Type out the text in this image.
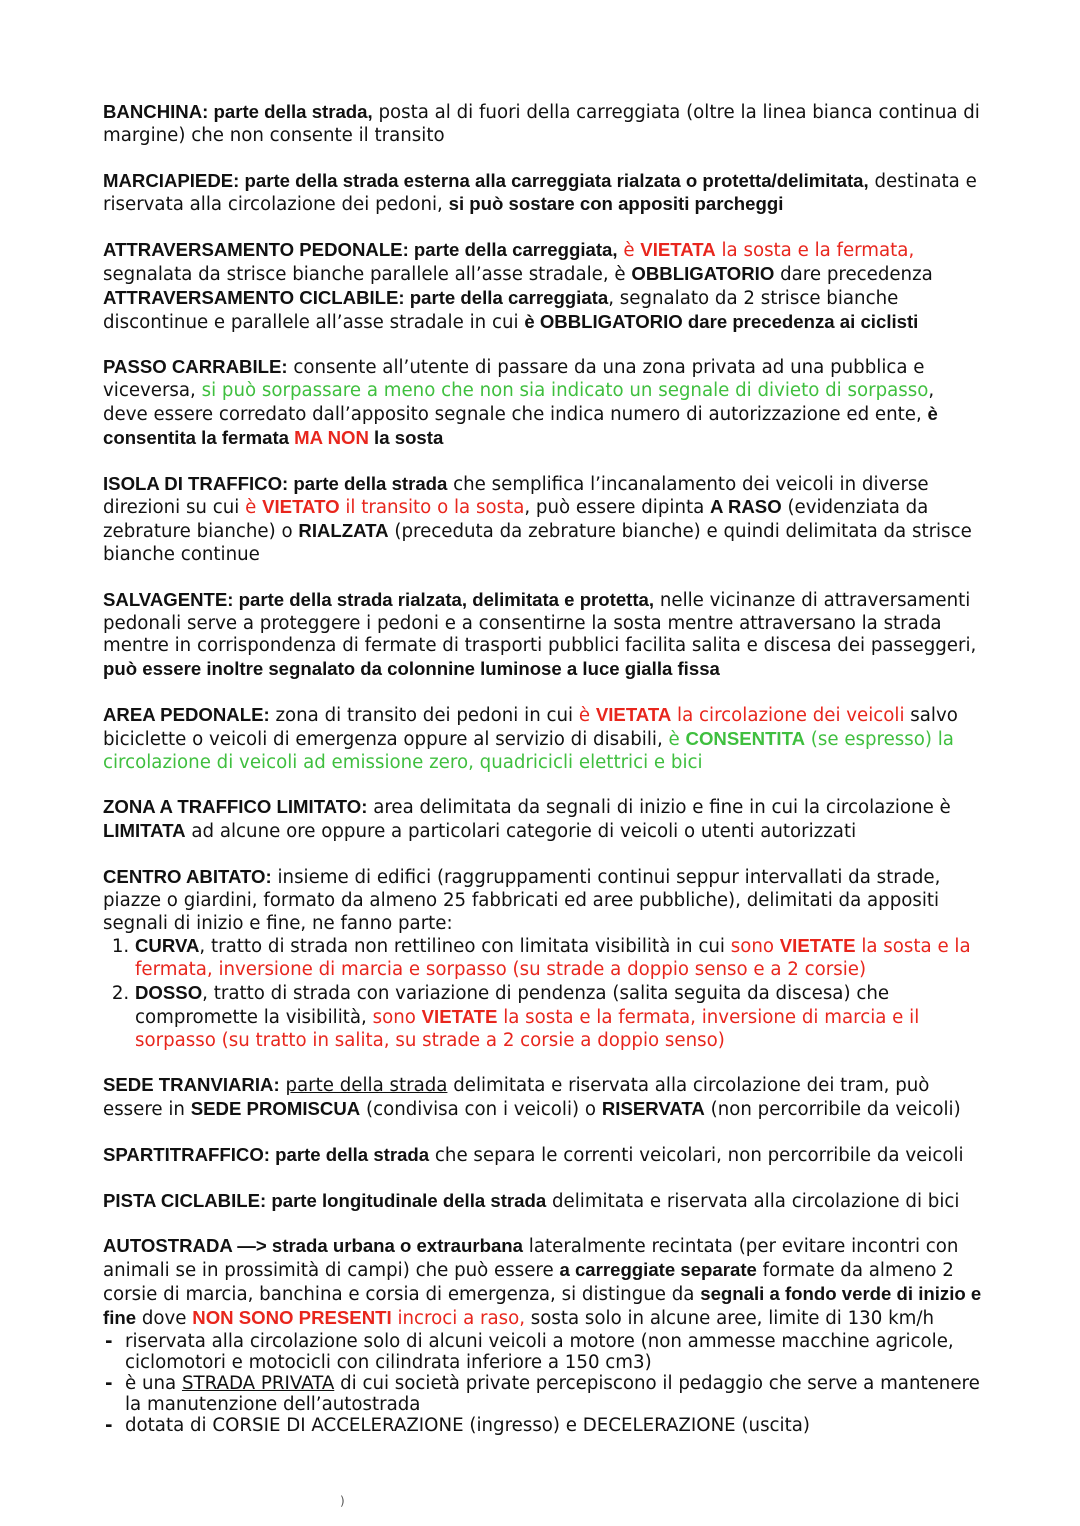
BANCHINA: parte della strada, posta al di fuori della carreggiata (oltre la linea bianca continua di margine) che non consente il transito

MARCIAPIEDE: parte della strada esterna alla carreggiata rialzata o protetta/delimitata, destinata e riservata alla circolazione dei pedoni, si può sostare con appositi parcheggi

ATTRAVERSAMENTO PEDONALE: parte della carreggiata, è VIETATA la sosta e la fermata, segnalata da strisce bianche parallele all’asse stradale, è OBBLIGATORIO dare precedenza

ATTRAVERSAMENTO CICLABILE: parte della carreggiata, segnalato da 2 strisce bianche discontinue e parallele all’asse stradale in cui è OBBLIGATORIO dare precedenza ai ciclisti

PASSO CARRABILE: consente all’utente di passare da una zona privata ad una pubblica e viceversa, si può sorpassare a meno che non sia indicato un segnale di divieto di sorpasso, deve essere corredato dall’apposito segnale che indica numero di autorizzazione ed ente, è consentita la fermata MA NON la sosta

ISOLA DI TRAFFICO: parte della strada che semplifica l’incanalamento dei veicoli in diverse direzioni su cui è VIETATO il transito o la sosta, può essere dipinta A RASO (evidenziata da zebrature bianche) o RIALZATA (preceduta da zebrature bianche) e quindi delimitata da strisce bianche continue

SALVAGENTE: parte della strada rialzata, delimitata e protetta, nelle vicinanze di attraversamenti pedonali serve a proteggere i pedoni e a consentirne la sosta mentre attraversano la strada mentre in corrispondenza di fermate di trasporti pubblici facilita salita e discesa dei passeggeri, può essere inoltre segnalato da colonnine luminose a luce gialla fissa

AREA PEDONALE: zona di transito dei pedoni in cui è VIETATA la circolazione dei veicoli salvo biciclette o veicoli di emergenza oppure al servizio di disabili, è CONSENTITA (se espresso) la circolazione di veicoli ad emissione zero, quadricicli elettrici e bici

ZONA A TRAFFICO LIMITATO: area delimitata da segnali di inizio e fine in cui la circolazione è LIMITATA ad alcune ore oppure a particolari categorie di veicoli o utenti autorizzati

CENTRO ABITATO: insieme di edifici (raggruppamenti continui seppur intervallati da strade, piazze o giardini, formato da almeno 25 fabbricati ed aree pubbliche), delimitati da appositi segnali di inizio e fine, ne fanno parte:
1. CURVA, tratto di strada non rettilineo con limitata visibilità in cui sono VIETATE la sosta e la fermata, inversione di marcia e sorpasso (su strade a doppio senso e a 2 corsie)
2. DOSSO, tratto di strada con variazione di pendenza (salita seguita da discesa) che compromette la visibilità, sono VIETATE la sosta e la fermata, inversione di marcia e il sorpasso (su tratto in salita, su strade a 2 corsie a doppio senso)

SEDE TRANVIARIA: parte della strada delimitata e riservata alla circolazione dei tram, può essere in SEDE PROMISCUA (condivisa con i veicoli) o RISERVATA (non percorribile da veicoli)

SPARTITRAFFICO: parte della strada che separa le correnti veicolari, non percorribile da veicoli

PISTA CICLABILE: parte longitudinale della strada delimitata e riservata alla circolazione di bici

AUTOSTRADA —> strada urbana o extraurbana lateralmente recintata (per evitare incontri con animali se in prossimità di campi) che può essere a carreggiate separate formate da almeno 2 corsie di marcia, banchina e corsia di emergenza, si distingue da segnali a fondo verde di inizio e fine dove NON SONO PRESENTI incroci a raso, sosta solo in alcune aree, limite di 130 km/h
- riservata alla circolazione solo di alcuni veicoli a motore (non ammesse macchine agricole, ciclomotori e motocicli con cilindrata inferiore a 150 cm3)
- è una STRADA PRIVATA di cui società private percepiscono il pedaggio che serve a mantenere la manutenzione dell’autostrada
- dotata di CORSIE DI ACCELERAZIONE (ingresso) e DECELERAZIONE (uscita)
)
